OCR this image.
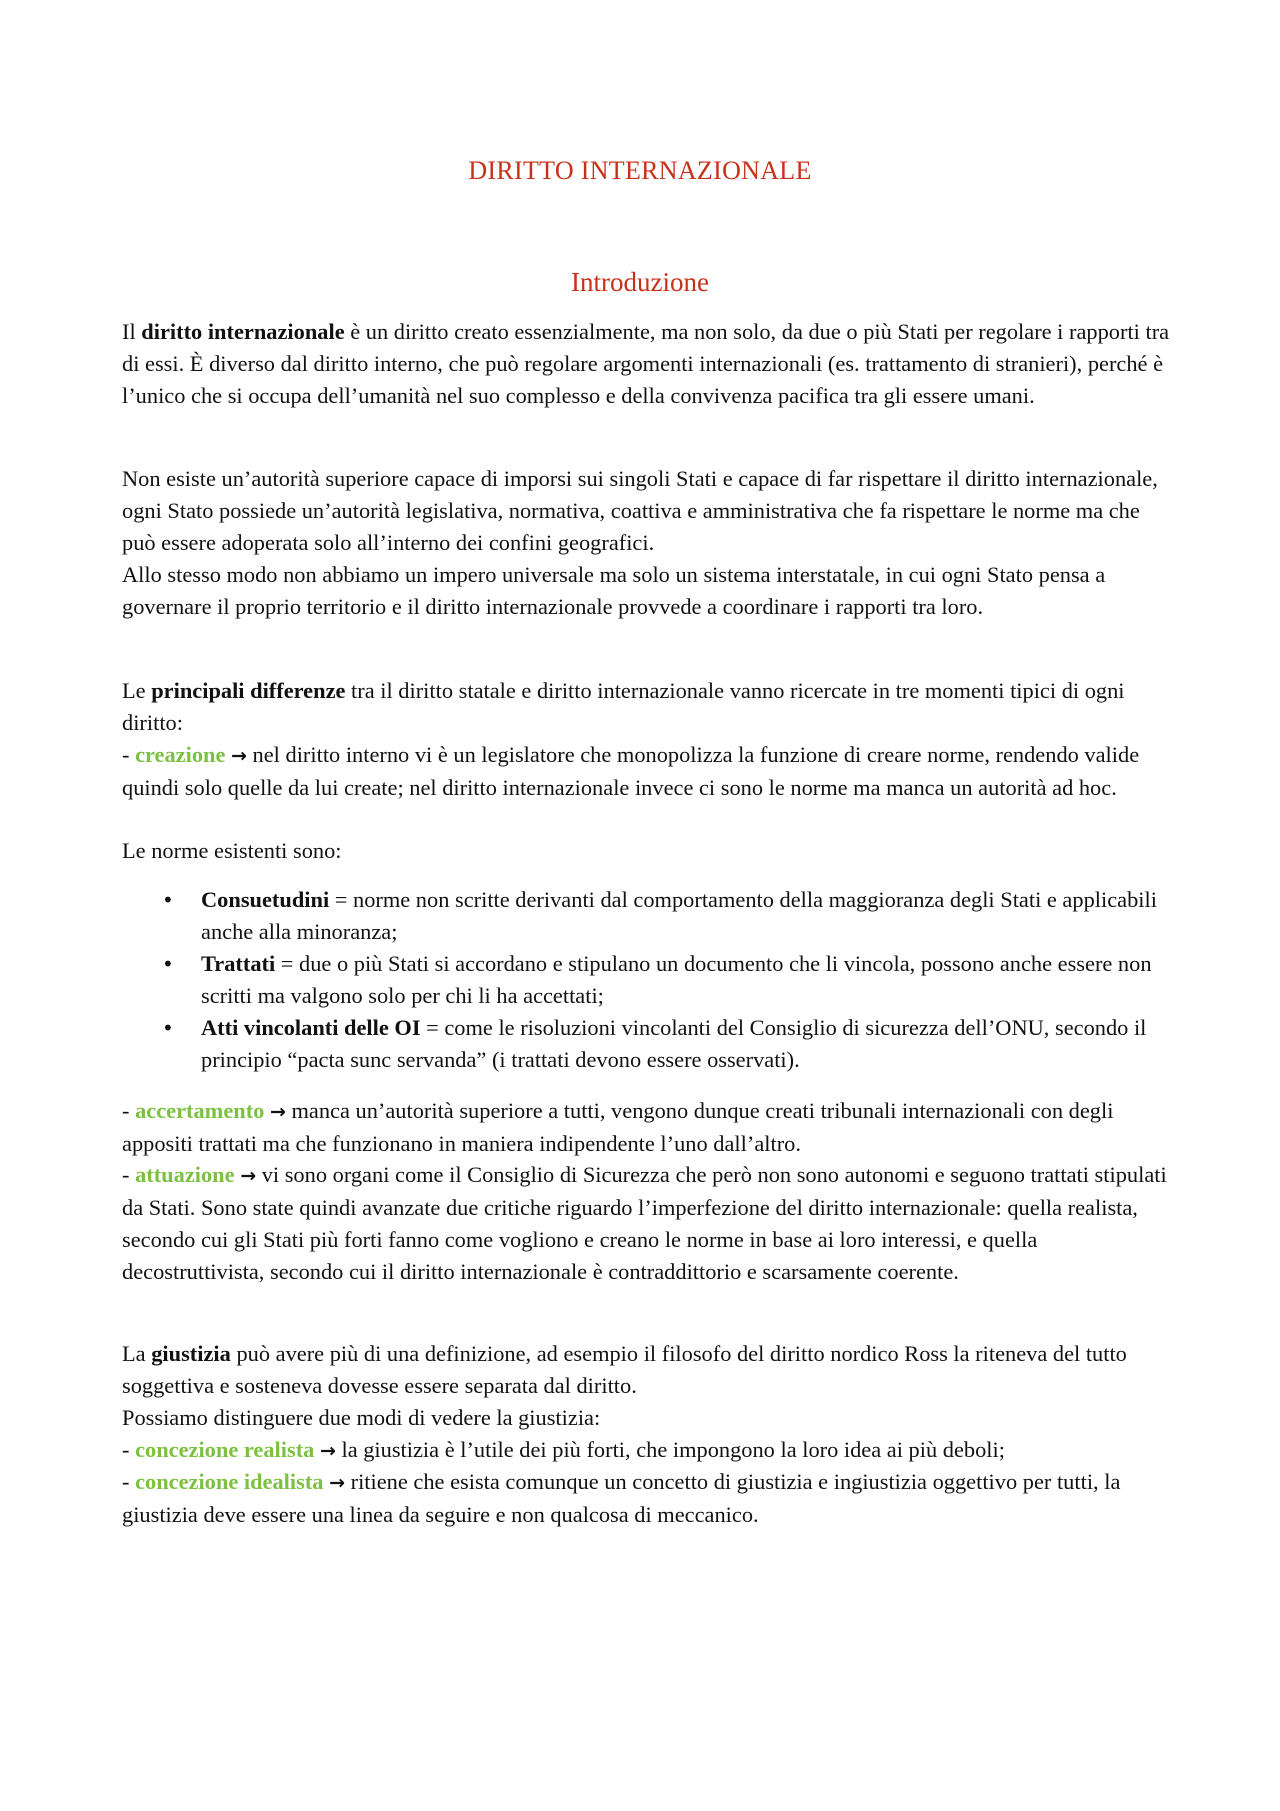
DIRITTO INTERNAZIONALE
Introduzione

Il diritto internazionale è un diritto creato essenzialmente, ma non solo, da due o più Stati per regolare i rapporti tra di essi. È diverso dal diritto interno, che può regolare argomenti internazionali (es. trattamento di stranieri), perché è l’unico che si occupa dell’umanità nel suo complesso e della convivenza pacifica tra gli essere umani.

Non esiste un’autorità superiore capace di imporsi sui singoli Stati e capace di far rispettare il diritto internazionale, ogni Stato possiede un’autorità legislativa, normativa, coattiva e amministrativa che fa rispettare le norme ma che può essere adoperata solo all’interno dei confini geografici.

Allo stesso modo non abbiamo un impero universale ma solo un sistema interstatale, in cui ogni Stato pensa a governare il proprio territorio e il diritto internazionale provvede a coordinare i rapporti tra loro.

Le principali differenze tra il diritto statale e diritto internazionale vanno ricercate in tre momenti tipici di ogni diritto:

- creazione → nel diritto interno vi è un legislatore che monopolizza la funzione di creare norme, rendendo valide quindi solo quelle da lui create; nel diritto internazionale invece ci sono le norme ma manca un autorità ad hoc.

Le norme esistenti sono:

• Consuetudini = norme non scritte derivanti dal comportamento della maggioranza degli Stati e applicabili anche alla minoranza;
• Trattati = due o più Stati si accordano e stipulano un documento che li vincola, possono anche essere non scritti ma valgono solo per chi li ha accettati;
• Atti vincolanti delle OI = come le risoluzioni vincolanti del Consiglio di sicurezza dell’ONU, secondo il principio “pacta sunc servanda” (i trattati devono essere osservati).

- accertamento → manca un’autorità superiore a tutti, vengono dunque creati tribunali internazionali con degli appositi trattati ma che funzionano in maniera indipendente l’uno dall’altro.

- attuazione → vi sono organi come il Consiglio di Sicurezza che però non sono autonomi e seguono trattati stipulati da Stati. Sono state quindi avanzate due critiche riguardo l’imperfezione del diritto internazionale: quella realista, secondo cui gli Stati più forti fanno come vogliono e creano le norme in base ai loro interessi, e quella decostruttivista, secondo cui il diritto internazionale è contraddittorio e scarsamente coerente.

La giustizia può avere più di una definizione, ad esempio il filosofo del diritto nordico Ross la riteneva del tutto soggettiva e sosteneva dovesse essere separata dal diritto.

Possiamo distinguere due modi di vedere la giustizia:

- concezione realista → la giustizia è l’utile dei più forti, che impongono la loro idea ai più deboli;

- concezione idealista → ritiene che esista comunque un concetto di giustizia e ingiustizia oggettivo per tutti, la giustizia deve essere una linea da seguire e non qualcosa di meccanico.
